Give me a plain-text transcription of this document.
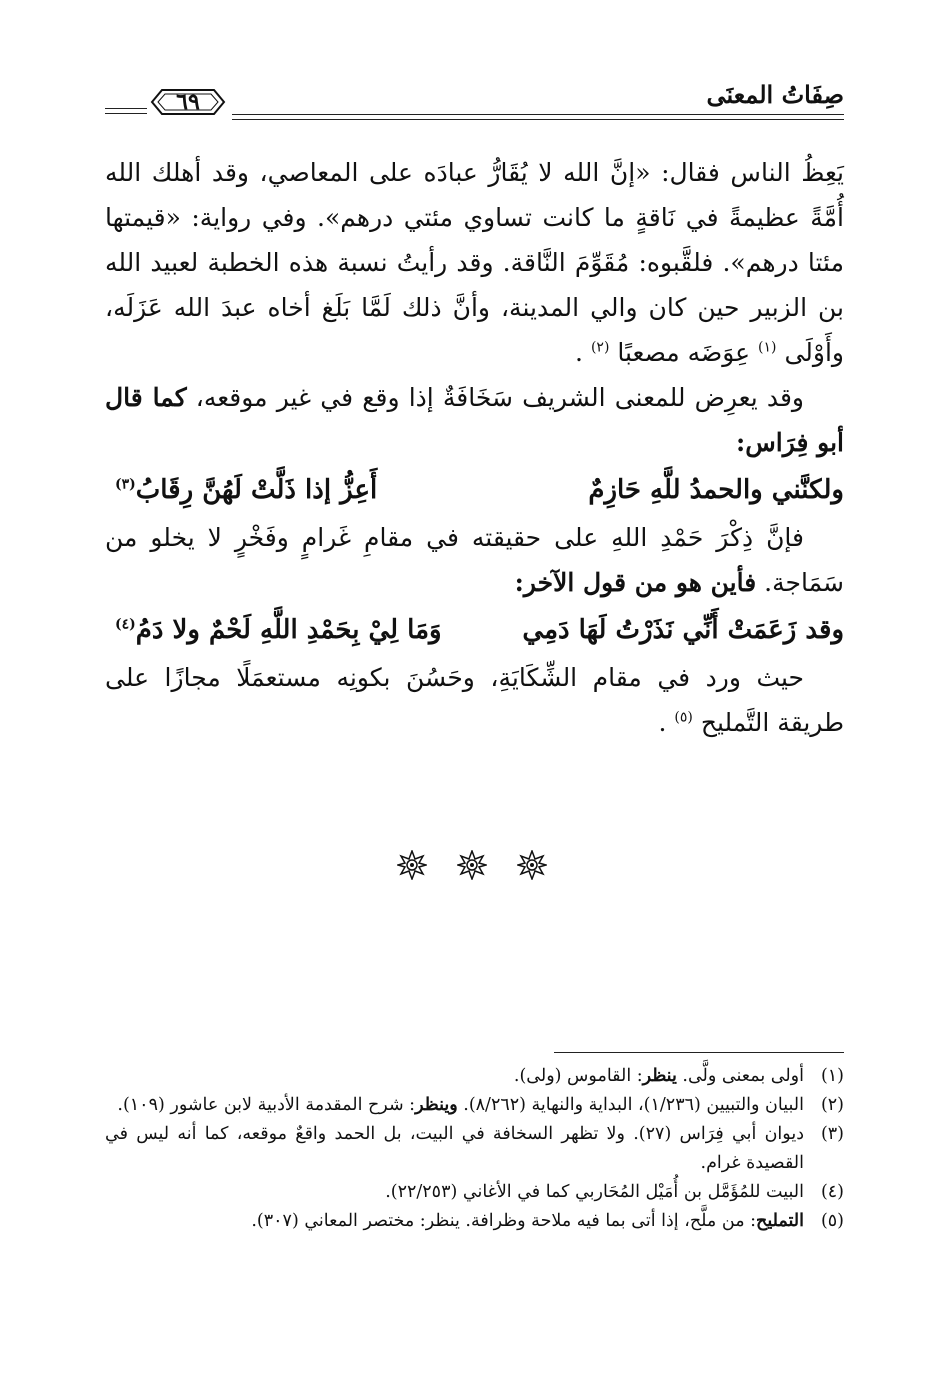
صِفَاتُ المعنَى
٦٩

يَعِظُ الناس فقال: «إنَّ الله لا يُقَارُّ عبادَه على المعاصي، وقد أهلك الله أُمَّةً عظيمةً في نَاقةٍ ما كانت تساوي مئتي درهم». وفي رواية: «قيمتها مئتا درهم». فلقَّبوه: مُقَوِّمَ النَّاقة. وقد رأيتُ نسبة هذه الخطبة لعبيد الله بن الزبير حين كان والي المدينة، وأنَّ ذلك لَمَّا بَلَغ أخاه عبدَ الله عَزَلَه، وأَوْلَى $^{(١)}$ عِوَضَه مصعبًا $^{(٢)}$ .

وقد يعرِض للمعنى الشريف سَخَافَةٌ إذا وقع في غير موقعه، كما قال أبو فِرَاس:

ولكنَّني والحمدُ للَّهِ حَازِمٌ
أَعِزُّ إذا ذَلَّتْ لَهُنَّ رِقَابُ$^{(٣)}$

فإنَّ ذِكْرَ حَمْدِ اللهِ على حقيقته في مقامِ غَرامٍ وفَخْرٍ لا يخلو من سَمَاجة. فأين هو من قول الآخر:

وقد زَعَمَتْ أَنِّي نَذَرْتُ لَهَا دَمِي
وَمَا لِيْ بِحَمْدِ اللَّهِ لَحْمٌ ولا دَمُ$^{(٤)}$

حيث ورد في مقام الشِّكَايَةِ، وحَسُنَ بكونِه مستعمَلًا مجازًا على طريقة التَّمليح $^{(٥)}$ .

(١)
أولى بمعنى ولَّى. ينظر: القاموس (ولى).
(٢)
البيان والتبيين (١/٢٣٦)، البداية والنهاية (٨/٢٦٢). وينظر: شرح المقدمة الأدبية لابن عاشور (١٠٩).
(٣)
ديوان أبي فِرَاس (٢٧). ولا تظهر السخافة في البيت، بل الحمد واقعٌ موقعه، كما أنه ليس في القصيدة غرام.
(٤)
البيت للمُؤَمَّل بن أُمَيْل المُحَاربي كما في الأغاني (٢٢/٢٥٣).
(٥)
التمليح: من ملَّح، إذا أتى بما فيه ملاحة وظرافة. ينظر: مختصر المعاني (٣٠٧).
